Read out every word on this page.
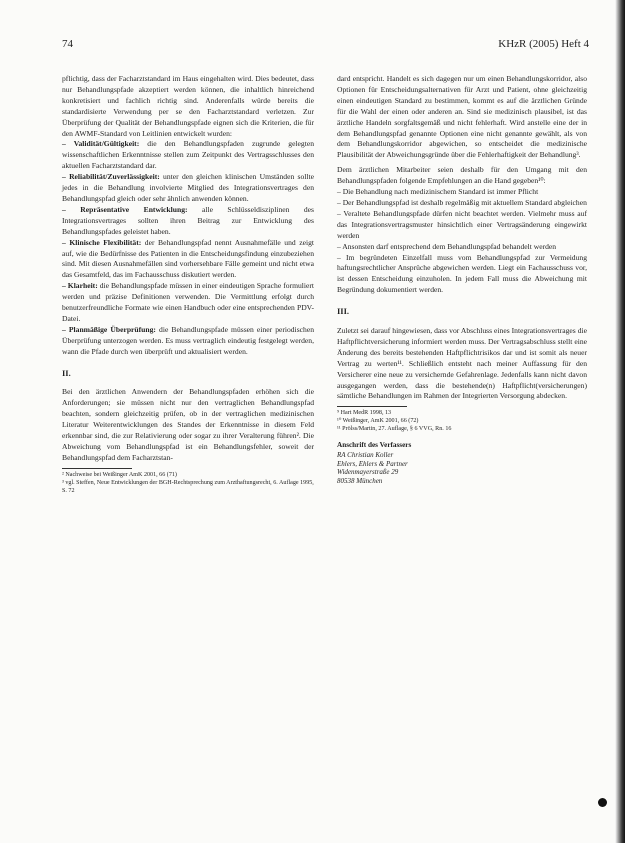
74	KHzR (2005) Heft 4

pflichtig, dass der Facharztstandard im Haus eingehalten wird. Dies bedeutet, dass nur Behandlungspfade akzeptiert werden können, die inhaltlich hinreichend konkretisiert und fachlich richtig sind. Anderenfalls würde bereits die standardisierte Verwendung per se den Facharztstandard verletzen. Zur Überprüfung der Qualität der Behandlungspfade eignen sich die Kriterien, die für den AWMF-Standard von Leitlinien entwickelt wurden:

– Validität/Gültigkeit: die den Behandlungspfaden zugrunde gelegten wissenschaftlichen Erkenntnisse stellen zum Zeitpunkt des Vertragsschlusses den aktuellen Facharztstandard dar.

– Reliabilität/Zuverlässigkeit: unter den gleichen klinischen Umständen sollte jedes in die Behandlung involvierte Mitglied des Integrationsvertrages den Behandlungspfad gleich oder sehr ähnlich anwenden können.

– Repräsentative Entwicklung: alle Schlüsseldisziplinen des Integrationsvertrages sollten ihren Beitrag zur Entwicklung des Behandlungspfades geleistet haben.

– Klinische Flexibilität: der Behandlungspfad nennt Ausnahmefälle und zeigt auf, wie die Bedürfnisse des Patienten in die Entscheidungsfindung einzubeziehen sind. Mit diesen Ausnahmefällen sind vorhersehbare Fälle gemeint und nicht etwa das Gesamtfeld, das im Fachausschuss diskutiert werden.

– Klarheit: die Behandlungspfade müssen in einer eindeutigen Sprache formuliert werden und präzise Definitionen verwenden. Die Vermittlung erfolgt durch benutzerfreundliche Formate wie einen Handbuch oder eine entsprechenden PDV-Datei.

– Planmäßige Überprüfung: die Behandlungspfade müssen einer periodischen Überprüfung unterzogen werden. Es muss vertraglich eindeutig festgelegt werden, wann die Pfade durch wen überprüft und aktualisiert werden.

II.

Bei den ärztlichen Anwendern der Behandlungspfaden erhöhen sich die Anforderungen; sie müssen nicht nur den vertraglichen Behandlungspfad beachten, sondern gleichzeitig prüfen, ob in der vertraglichen medizinischen Literatur Weiterentwicklungen des Standes der Erkenntnisse in diesem Feld erkennbar sind, die zur Relativierung oder sogar zu ihrer Veralterung führen². Die Abweichung vom Behandlungspfad ist ein Behandlungsfehler, soweit der Behandlungspfad dem Facharztstan-

² Nachweise bei Weißinger AmK 2001, 66 (71)
³ vgl. Steffen, Neue Entwicklungen der BGH-Rechtsprechung zum Arzthaftungsrecht, 6. Auflage 1995, S. 72

dard entspricht. Handelt es sich dagegen nur um einen Behandlungskorridor, also Optionen für Entscheidungsalternativen für Arzt und Patient, ohne gleichzeitig einen eindeutigen Standard zu bestimmen, kommt es auf die ärztlichen Gründe für die Wahl der einen oder anderen an. Sind sie medizinisch plausibel, ist das ärztliche Handeln sorgfaltsgemäß und nicht fehlerhaft. Wird anstelle eine der in dem Behandlungspfad genannte Optionen eine nicht genannte gewählt, als von dem Behandlungskorridor abgewichen, so entscheidet die medizinische Plausibilität der Abweichungsgründe über die Fehlerhaftigkeit der Behandlung³.

Dem ärztlichen Mitarbeiter seien deshalb für den Umgang mit den Behandlungspfaden folgende Empfehlungen an die Hand gegeben¹⁰:

– Die Behandlung nach medizinischem Standard ist immer Pflicht

– Der Behandlungspfad ist deshalb regelmäßig mit aktuellem Standard abgleichen

– Veraltete Behandlungspfade dürfen nicht beachtet werden. Vielmehr muss auf das Integrationsvertragsmuster hinsichtlich einer Vertragsänderung eingewirkt werden

– Ansonsten darf entsprechend dem Behandlungspfad behandelt werden

– Im begründeten Einzelfall muss vom Behandlungspfad zur Vermeidung haftungsrechtlicher Ansprüche abgewichen werden. Liegt ein Fachausschuss vor, ist dessen Entscheidung einzuholen. In jedem Fall muss die Abweichung mit Begründung dokumentiert werden.

III.

Zuletzt sei darauf hingewiesen, dass vor Abschluss eines Integrationsvertrages die Haftpflichtversicherung informiert werden muss. Der Vertragsabschluss stellt eine Änderung des bereits bestehenden Haftpflichtrisikos dar und ist somit als neuer Vertrag zu werten¹¹. Schließlich entsteht nach meiner Auffassung für den Versicherer eine neue zu versichernde Gefahrenlage. Jedenfalls kann nicht davon ausgegangen werden, dass die bestehende(n) Haftpflicht(versicherungen) sämtliche Behandlungen im Rahmen der Integrierten Versorgung abdecken.

⁹ Hart MedR 1998, 13
¹⁰ Weißinger, AmK 2001, 66 (72)
¹¹ Prölss/Martin, 27. Auflage, § 6 VVG, Rn. 16
Anschrift des Verfassers
RA Christian Koller
Ehlers, Ehlers & Partner
Widenmayerstraße 29
80538 München
